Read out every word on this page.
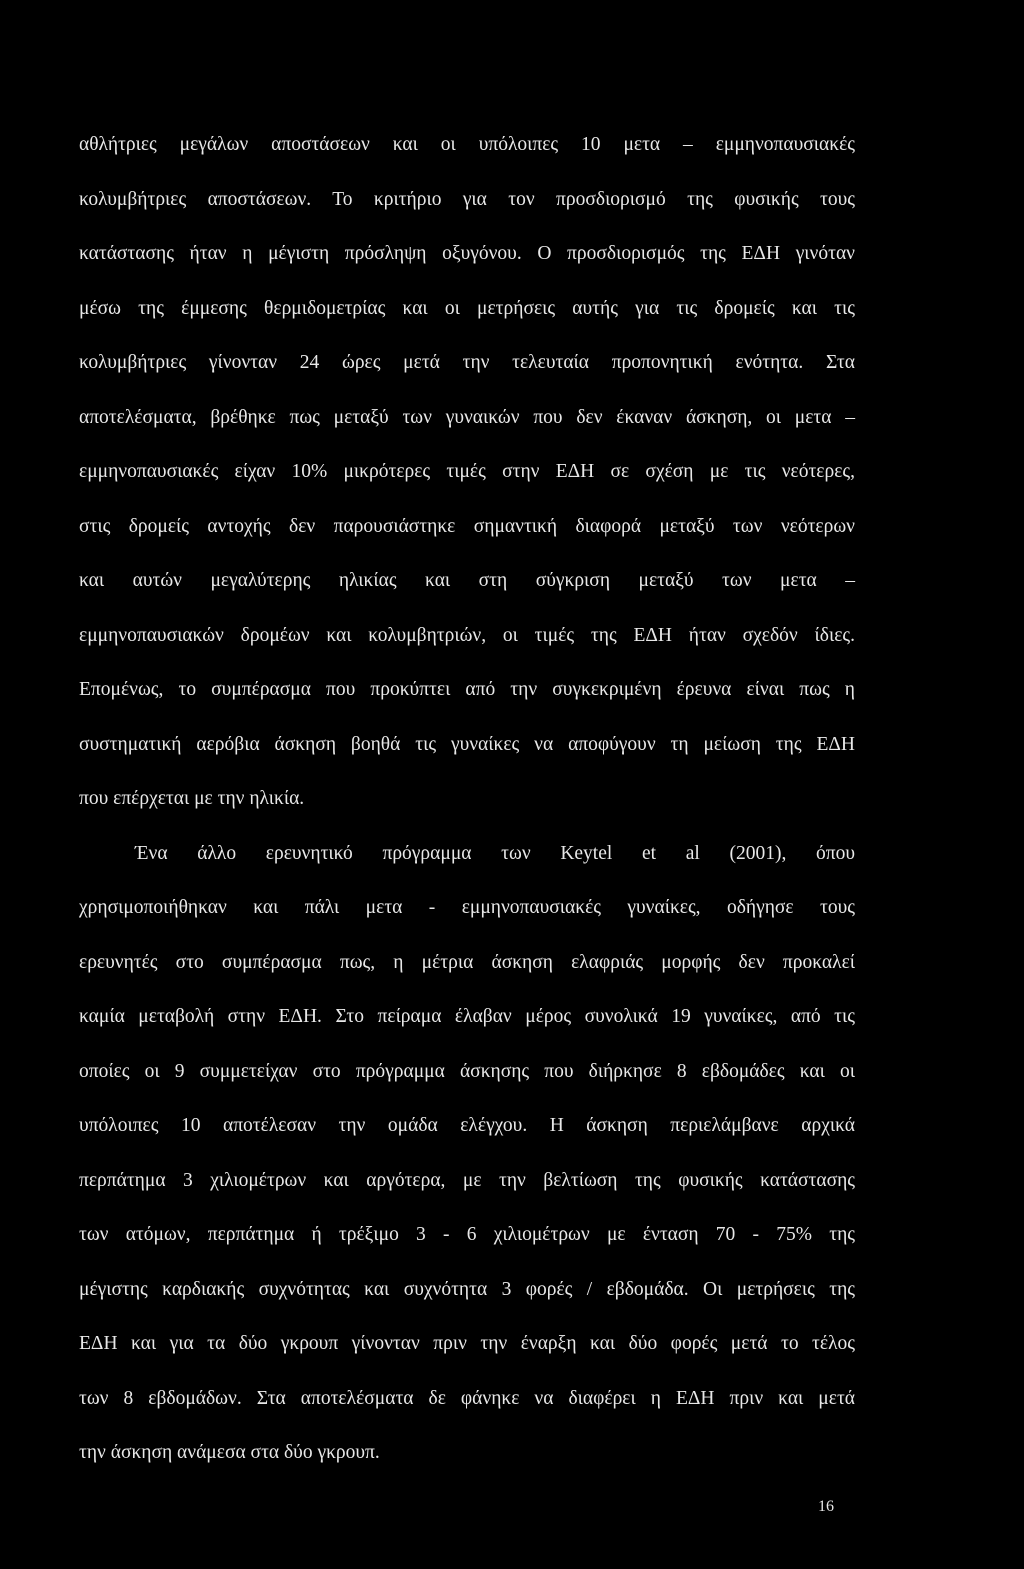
αθλήτριες μεγάλων αποστάσεων και οι υπόλοιπες 10 μετα – εμμηνοπαυσιακές
κολυμβήτριες αποστάσεων. Το κριτήριο για τον προσδιορισμό της φυσικής τους
κατάστασης ήταν η μέγιστη πρόσληψη οξυγόνου. Ο προσδιορισμός της ΕΔΗ γινόταν
μέσω της έμμεσης θερμιδομετρίας και οι μετρήσεις αυτής για τις δρομείς και τις
κολυμβήτριες γίνονταν 24 ώρες μετά την τελευταία προπονητική ενότητα. Στα
αποτελέσματα, βρέθηκε πως μεταξύ των γυναικών που δεν έκαναν άσκηση, οι μετα –
εμμηνοπαυσιακές είχαν 10% μικρότερες τιμές στην ΕΔΗ σε σχέση με τις νεότερες,
στις δρομείς αντοχής δεν παρουσιάστηκε σημαντική διαφορά μεταξύ των νεότερων
και αυτών μεγαλύτερης ηλικίας και στη σύγκριση μεταξύ των μετα –
εμμηνοπαυσιακών δρομέων και κολυμβητριών, οι τιμές της ΕΔΗ ήταν σχεδόν ίδιες.
Επομένως, το συμπέρασμα που προκύπτει από την συγκεκριμένη έρευνα είναι πως η
συστηματική αερόβια άσκηση βοηθά τις γυναίκες να αποφύγουν τη μείωση της ΕΔΗ
που επέρχεται με την ηλικία.
Ένα άλλο ερευνητικό πρόγραμμα των Keytel et al (2001), όπου
χρησιμοποιήθηκαν και πάλι μετα - εμμηνοπαυσιακές γυναίκες, οδήγησε τους
ερευνητές στο συμπέρασμα πως, η μέτρια άσκηση ελαφριάς μορφής δεν προκαλεί
καμία μεταβολή στην ΕΔΗ. Στο πείραμα έλαβαν μέρος συνολικά 19 γυναίκες, από τις
οποίες οι 9 συμμετείχαν στο πρόγραμμα άσκησης που διήρκησε 8 εβδομάδες και οι
υπόλοιπες 10 αποτέλεσαν την ομάδα ελέγχου. Η άσκηση περιελάμβανε αρχικά
περπάτημα 3 χιλιομέτρων και αργότερα, με την βελτίωση της φυσικής κατάστασης
των ατόμων, περπάτημα ή τρέξιμο 3 - 6 χιλιομέτρων με ένταση 70 - 75% της
μέγιστης καρδιακής συχνότητας και συχνότητα 3 φορές / εβδομάδα. Οι μετρήσεις της
ΕΔΗ και για τα δύο γκρουπ γίνονταν πριν την έναρξη και δύο φορές μετά το τέλος
των 8 εβδομάδων. Στα αποτελέσματα δε φάνηκε να διαφέρει η ΕΔΗ πριν και μετά
την άσκηση ανάμεσα στα δύο γκρουπ.
16
